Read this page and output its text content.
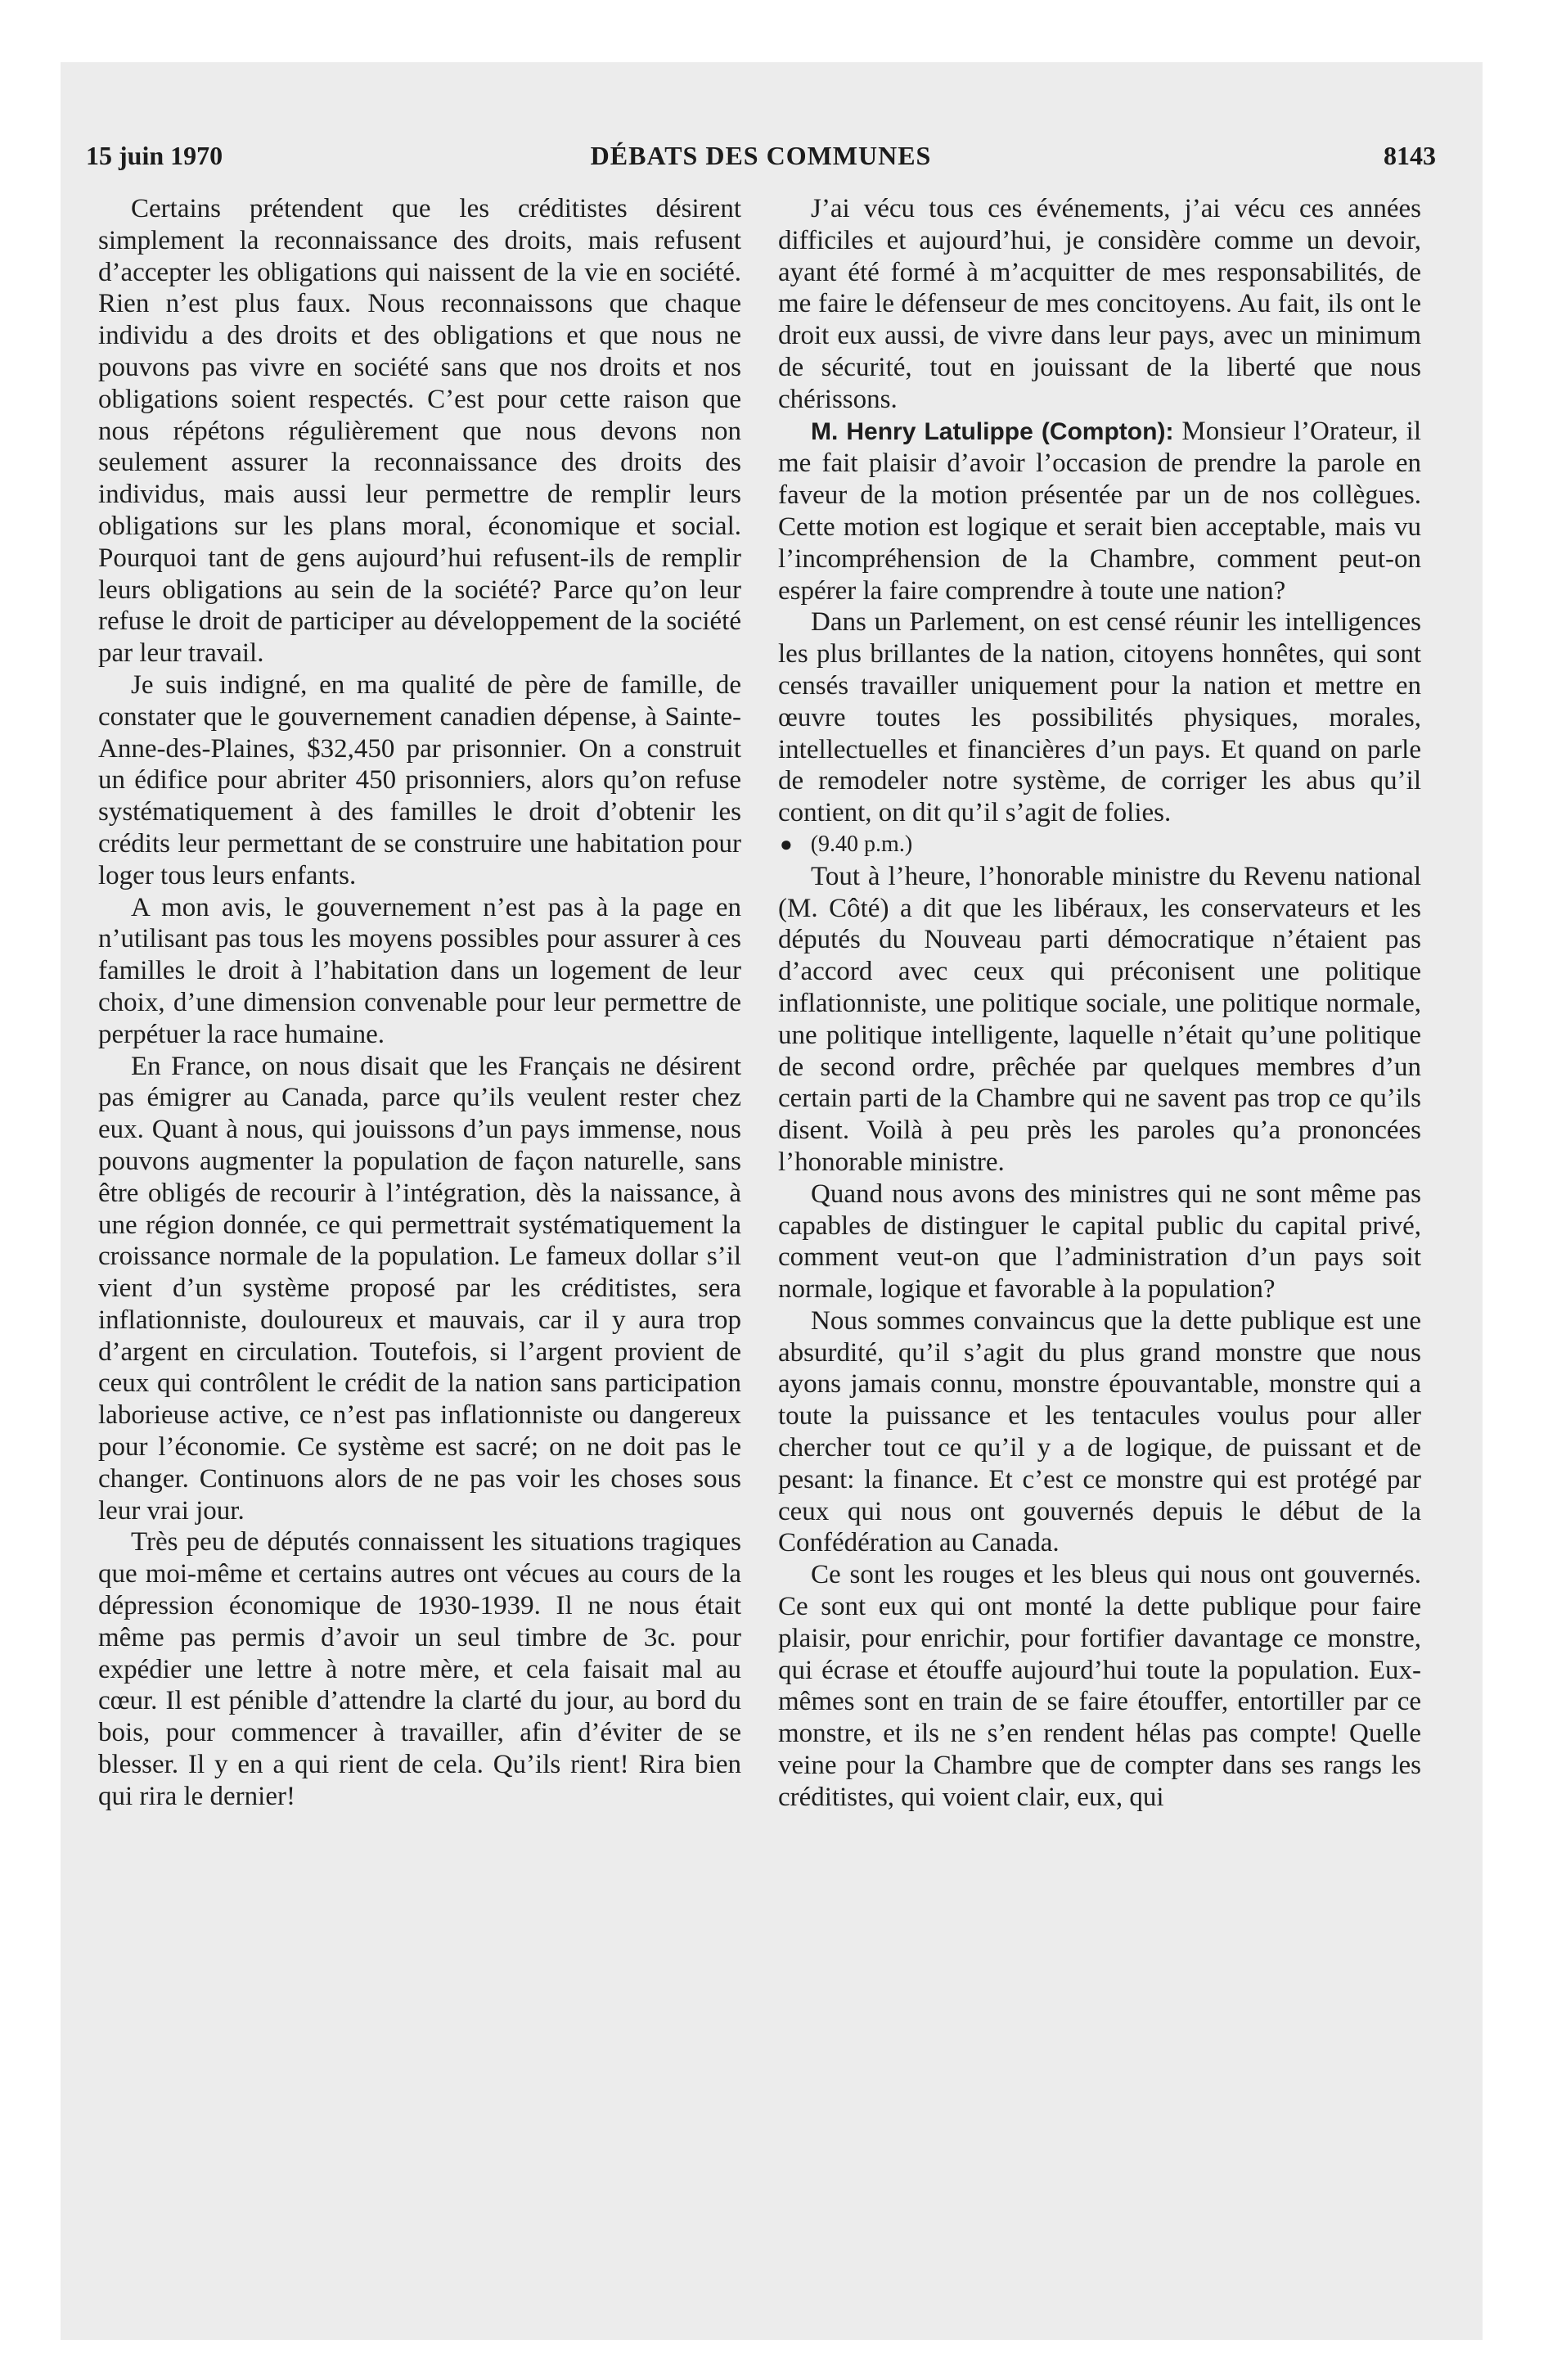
15 juin 1970	DÉBATS DES COMMUNES	8143

Certains prétendent que les créditistes désirent simplement la reconnaissance des droits, mais refusent d’accepter les obligations qui naissent de la vie en société. Rien n’est plus faux. Nous reconnaissons que chaque individu a des droits et des obligations et que nous ne pouvons pas vivre en société sans que nos droits et nos obligations soient respectés. C’est pour cette raison que nous répétons régulièrement que nous devons non seulement assurer la reconnaissance des droits des individus, mais aussi leur permettre de remplir leurs obligations sur les plans moral, économique et social. Pourquoi tant de gens aujourd’hui refusent-ils de remplir leurs obligations au sein de la société? Parce qu’on leur refuse le droit de participer au développement de la société par leur travail.

Je suis indigné, en ma qualité de père de famille, de constater que le gouvernement canadien dépense, à Sainte-Anne-des-Plaines, $32,450 par prisonnier. On a construit un édifice pour abriter 450 prisonniers, alors qu’on refuse systématiquement à des familles le droit d’obtenir les crédits leur permettant de se construire une habitation pour loger tous leurs enfants.

A mon avis, le gouvernement n’est pas à la page en n’utilisant pas tous les moyens possibles pour assurer à ces familles le droit à l’habitation dans un logement de leur choix, d’une dimension convenable pour leur permettre de perpétuer la race humaine.

En France, on nous disait que les Français ne désirent pas émigrer au Canada, parce qu’ils veulent rester chez eux. Quant à nous, qui jouissons d’un pays immense, nous pouvons augmenter la population de façon naturelle, sans être obligés de recourir à l’intégration, dès la naissance, à une région donnée, ce qui permettrait systématiquement la croissance normale de la population. Le fameux dollar s’il vient d’un système proposé par les créditistes, sera inflationniste, douloureux et mauvais, car il y aura trop d’argent en circulation. Toutefois, si l’argent provient de ceux qui contrôlent le crédit de la nation sans participation laborieuse active, ce n’est pas inflationniste ou dangereux pour l’économie. Ce système est sacré; on ne doit pas le changer. Continuons alors de ne pas voir les choses sous leur vrai jour.

Très peu de députés connaissent les situations tragiques que moi-même et certains autres ont vécues au cours de la dépression économique de 1930-1939. Il ne nous était même pas permis d’avoir un seul timbre de 3c. pour expédier une lettre à notre mère, et cela faisait mal au cœur. Il est pénible d’attendre la clarté du jour, au bord du bois, pour commencer à travailler, afin d’éviter de se blesser. Il y en a qui rient de cela. Qu’ils rient! Rira bien qui rira le dernier!

J’ai vécu tous ces événements, j’ai vécu ces années difficiles et aujourd’hui, je considère comme un devoir, ayant été formé à m’acquitter de mes responsabilités, de me faire le défenseur de mes concitoyens. Au fait, ils ont le droit eux aussi, de vivre dans leur pays, avec un minimum de sécurité, tout en jouissant de la liberté que nous chérissons.

M. Henry Latulippe (Compton): Monsieur l’Orateur, il me fait plaisir d’avoir l’occasion de prendre la parole en faveur de la motion présentée par un de nos collègues. Cette motion est logique et serait bien acceptable, mais vu l’incompréhension de la Chambre, comment peut-on espérer la faire comprendre à toute une nation?

Dans un Parlement, on est censé réunir les intelligences les plus brillantes de la nation, citoyens honnêtes, qui sont censés travailler uniquement pour la nation et mettre en œuvre toutes les possibilités physiques, morales, intellectuelles et financières d’un pays. Et quand on parle de remodeler notre système, de corriger les abus qu’il contient, on dit qu’il s’agit de folies.

● (9.40 p.m.)

Tout à l’heure, l’honorable ministre du Revenu national (M. Côté) a dit que les libéraux, les conservateurs et les députés du Nouveau parti démocratique n’étaient pas d’accord avec ceux qui préconisent une politique inflationniste, une politique sociale, une politique normale, une politique intelligente, laquelle n’était qu’une politique de second ordre, prêchée par quelques membres d’un certain parti de la Chambre qui ne savent pas trop ce qu’ils disent. Voilà à peu près les paroles qu’a prononcées l’honorable ministre.

Quand nous avons des ministres qui ne sont même pas capables de distinguer le capital public du capital privé, comment veut-on que l’administration d’un pays soit normale, logique et favorable à la population?

Nous sommes convaincus que la dette publique est une absurdité, qu’il s’agit du plus grand monstre que nous ayons jamais connu, monstre épouvantable, monstre qui a toute la puissance et les tentacules voulus pour aller chercher tout ce qu’il y a de logique, de puissant et de pesant: la finance. Et c’est ce monstre qui est protégé par ceux qui nous ont gouvernés depuis le début de la Confédération au Canada.

Ce sont les rouges et les bleus qui nous ont gouvernés. Ce sont eux qui ont monté la dette publique pour faire plaisir, pour enrichir, pour fortifier davantage ce monstre, qui écrase et étouffe aujourd’hui toute la population. Eux-mêmes sont en train de se faire étouffer, entortiller par ce monstre, et ils ne s’en rendent hélas pas compte! Quelle veine pour la Chambre que de compter dans ses rangs les créditistes, qui voient clair, eux, qui
